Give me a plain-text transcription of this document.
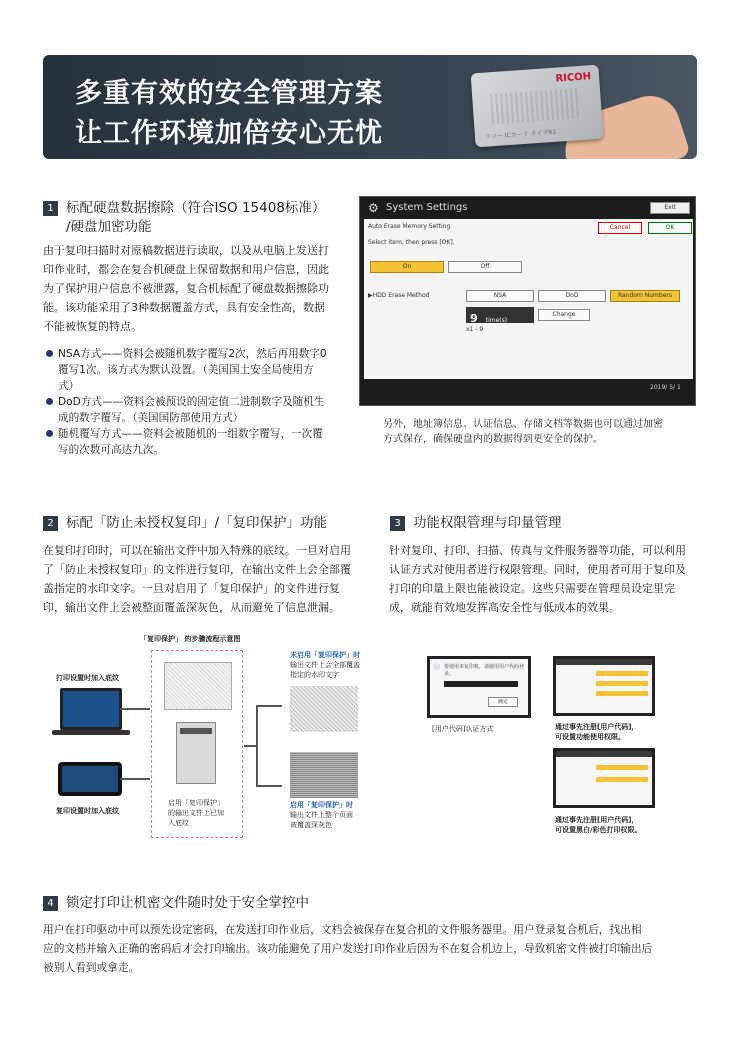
多重有效的安全管理方案
让工作环境加倍安心无忧
RICOH
リコー ICカード タイプR1
1 标配硬盘数据擦除（符合ISO 15408标准）
/硬盘加密功能
由于复印扫描时对原稿数据进行读取，以及从电脑上发送打
印作业时，都会在复合机硬盘上保留数据和用户信息，因此
为了保护用户信息不被泄露，复合机标配了硬盘数据擦除功
能。该功能采用了3种数据覆盖方式，具有安全性高，数据
不能被恢复的特点。
NSA方式——资料会被随机数字覆写2次，然后再用数字0
覆写1次。该方式为默认设置。（美国国土安全局使用方
式）
DoD方式——资料会被预设的固定值二进制数字及随机生
成的数字覆写。（美国国防部使用方式）
随机覆写方式——资料会被随机的一组数字覆写，一次覆
写的次数可高达九次。
⚙ System Settings	Exit
Auto Erase Memory Setting	Cancel	OK
Select item, then press [OK].
On	Off
▶HDD Erase Method	NSA	DoD	Random Numbers
9 time(s)
Change
x1 - 9
2019/ 5/ 1
另外，地址簿信息、认证信息、存储文档等数据也可以通过加密
方式保存，确保硬盘内的数据得到更安全的保护。
2 标配「防止未授权复印」/「复印保护」功能
在复印打印时，可以在输出文件中加入特殊的底纹。一旦对启用
了「防止未授权复印」的文件进行复印，在输出文件上会全部覆
盖指定的水印文字。一旦对启用了「复印保护」的文件进行复
印，输出文件上会被整面覆盖深灰色，从而避免了信息泄漏。
「复印保护」 的步骤流程示意图
打印设置时加入底纹
复印设置时加入底纹
启用「复印保护」
的输出文件上已加
入底纹
未启用「复印保护」时
输出文件上会全部覆盖
指定的水印文字
启用「复印保护」时
输出文件上整个页面
被覆盖深灰色
3 功能权限管理与印量管理
针对复印、打印、扫描、传真与文件服务器等功能，可以利用
认证方式对使用者进行权限管理。同时，使用者可用于复印及
打印的印量上限也能被设定。这些只需要在管理员设定里完
成，就能有效地发挥高安全性与低成本的效果。
ⓘ 要使用本复印机，请使用用户代码登录。
确定
[用户代码]认证方式	通过事先注册[用户代码]，
可设置功能使用权限。
通过事先注册[用户代码]，
可设置黑白/彩色打印权限。
4 锁定打印让机密文件随时处于安全掌控中
用户在打印驱动中可以预先设定密码，在发送打印作业后，文档会被保存在复合机的文件服务器里。用户登录复合机后，找出相
应的文档并输入正确的密码后才会打印输出。该功能避免了用户发送打印作业后因为不在复合机边上，导致机密文件被打印输出后
被别人看到或拿走。
